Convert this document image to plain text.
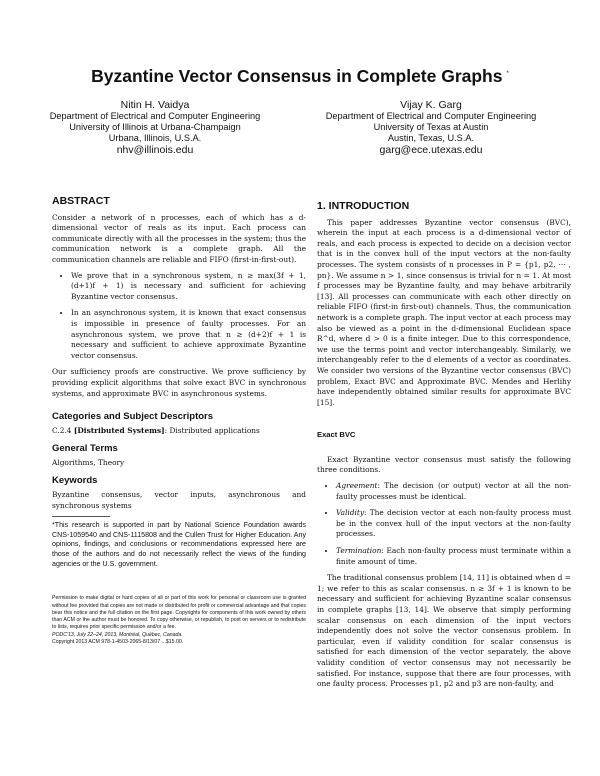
Byzantine Vector Consensus in Complete Graphs *
Nitin H. Vaidya
Department of Electrical and Computer Engineering
University of Illinois at Urbana-Champaign
Urbana, Illinois, U.S.A.
nhv@illinois.edu
Vijay K. Garg
Department of Electrical and Computer Engineering
University of Texas at Austin
Austin, Texas, U.S.A.
garg@ece.utexas.edu
ABSTRACT

Consider a network of n processes, each of which has a d-dimensional vector of reals as its input. Each process can communicate directly with all the processes in the system; thus the communication network is a complete graph. All the communication channels are reliable and FIFO (first-in-first-out).

• We prove that in a synchronous system, n ≥ max(3f + 1, (d+1)f + 1) is necessary and sufficient for achieving Byzantine vector consensus.
• In an asynchronous system, it is known that exact consensus is impossible in presence of faulty processes. For an asynchronous system, we prove that n ≥ (d+2)f + 1 is necessary and sufficient to achieve approximate Byzantine vector consensus.

Our sufficiency proofs are constructive. We prove sufficiency by providing explicit algorithms that solve exact BVC in synchronous systems, and approximate BVC in asynchronous systems.

Categories and Subject Descriptors

C.2.4 [Distributed Systems]: Distributed applications

General Terms

Algorithms, Theory

Keywords

Byzantine consensus, vector inputs, asynchronous and synchronous systems

*This research is supported in part by National Science Foundation awards CNS-1059540 and CNS-1115808 and the Cullen Trust for Higher Education. Any opinions, findings, and conclusions or recommendations expressed here are those of the authors and do not necessarily reflect the views of the funding agencies or the U.S. government.

Permission to make digital or hard copies of all or part of this work for personal or classroom use is granted without fee provided that copies are not made or distributed for profit or commercial advantage and that copies bear this notice and the full citation on the first page. Copyrights for components of this work owned by others than ACM or the author must be honored. To copy otherwise, or republish, to post on servers or to redistribute to lists, requires prior specific permission and/or a fee.
PODC'13, July 22–24, 2013, Montréal, Québec, Canada.
Copyright 2013 ACM 978-1-4503-2065-8/13/07 ...$15.00.
1. INTRODUCTION

This paper addresses Byzantine vector consensus (BVC), wherein the input at each process is a d-dimensional vector of reals, and each process is expected to decide on a decision vector that is in the convex hull of the input vectors at the non-faulty processes. The system consists of n processes in P = {p1, p2, ··· , pn}. We assume n > 1, since consensus is trivial for n = 1. At most f processes may be Byzantine faulty, and may behave arbitrarily [13]. All processes can communicate with each other directly on reliable FIFO (first-in first-out) channels. Thus, the communication network is a complete graph. The input vector at each process may also be viewed as a point in the d-dimensional Euclidean space R^d, where d > 0 is a finite integer. Due to this correspondence, we use the terms point and vector interchangeably. Similarly, we interchangeably refer to the d elements of a vector as coordinates. We consider two versions of the Byzantine vector consensus (BVC) problem, Exact BVC and Approximate BVC. Mendes and Herlihy have independently obtained similar results for approximate BVC [15].

Exact BVC

Exact Byzantine vector consensus must satisfy the following three conditions.

• Agreement: The decision (or output) vector at all the non-faulty processes must be identical.
• Validity: The decision vector at each non-faulty process must be in the convex hull of the input vectors at the non-faulty processes.
• Termination: Each non-faulty process must terminate within a finite amount of time.

The traditional consensus problem [14, 11] is obtained when d = 1; we refer to this as scalar consensus. n ≥ 3f + 1 is known to be necessary and sufficient for achieving Byzantine scalar consensus in complete graphs [13, 14]. We observe that simply performing scalar consensus on each dimension of the input vectors independently does not solve the vector consensus problem. In particular, even if validity condition for scalar consensus is satisfied for each dimension of the vector separately, the above validity condition of vector consensus may not necessarily be satisfied. For instance, suppose that there are four processes, with one faulty process. Processes p1, p2 and p3 are non-faulty, and
